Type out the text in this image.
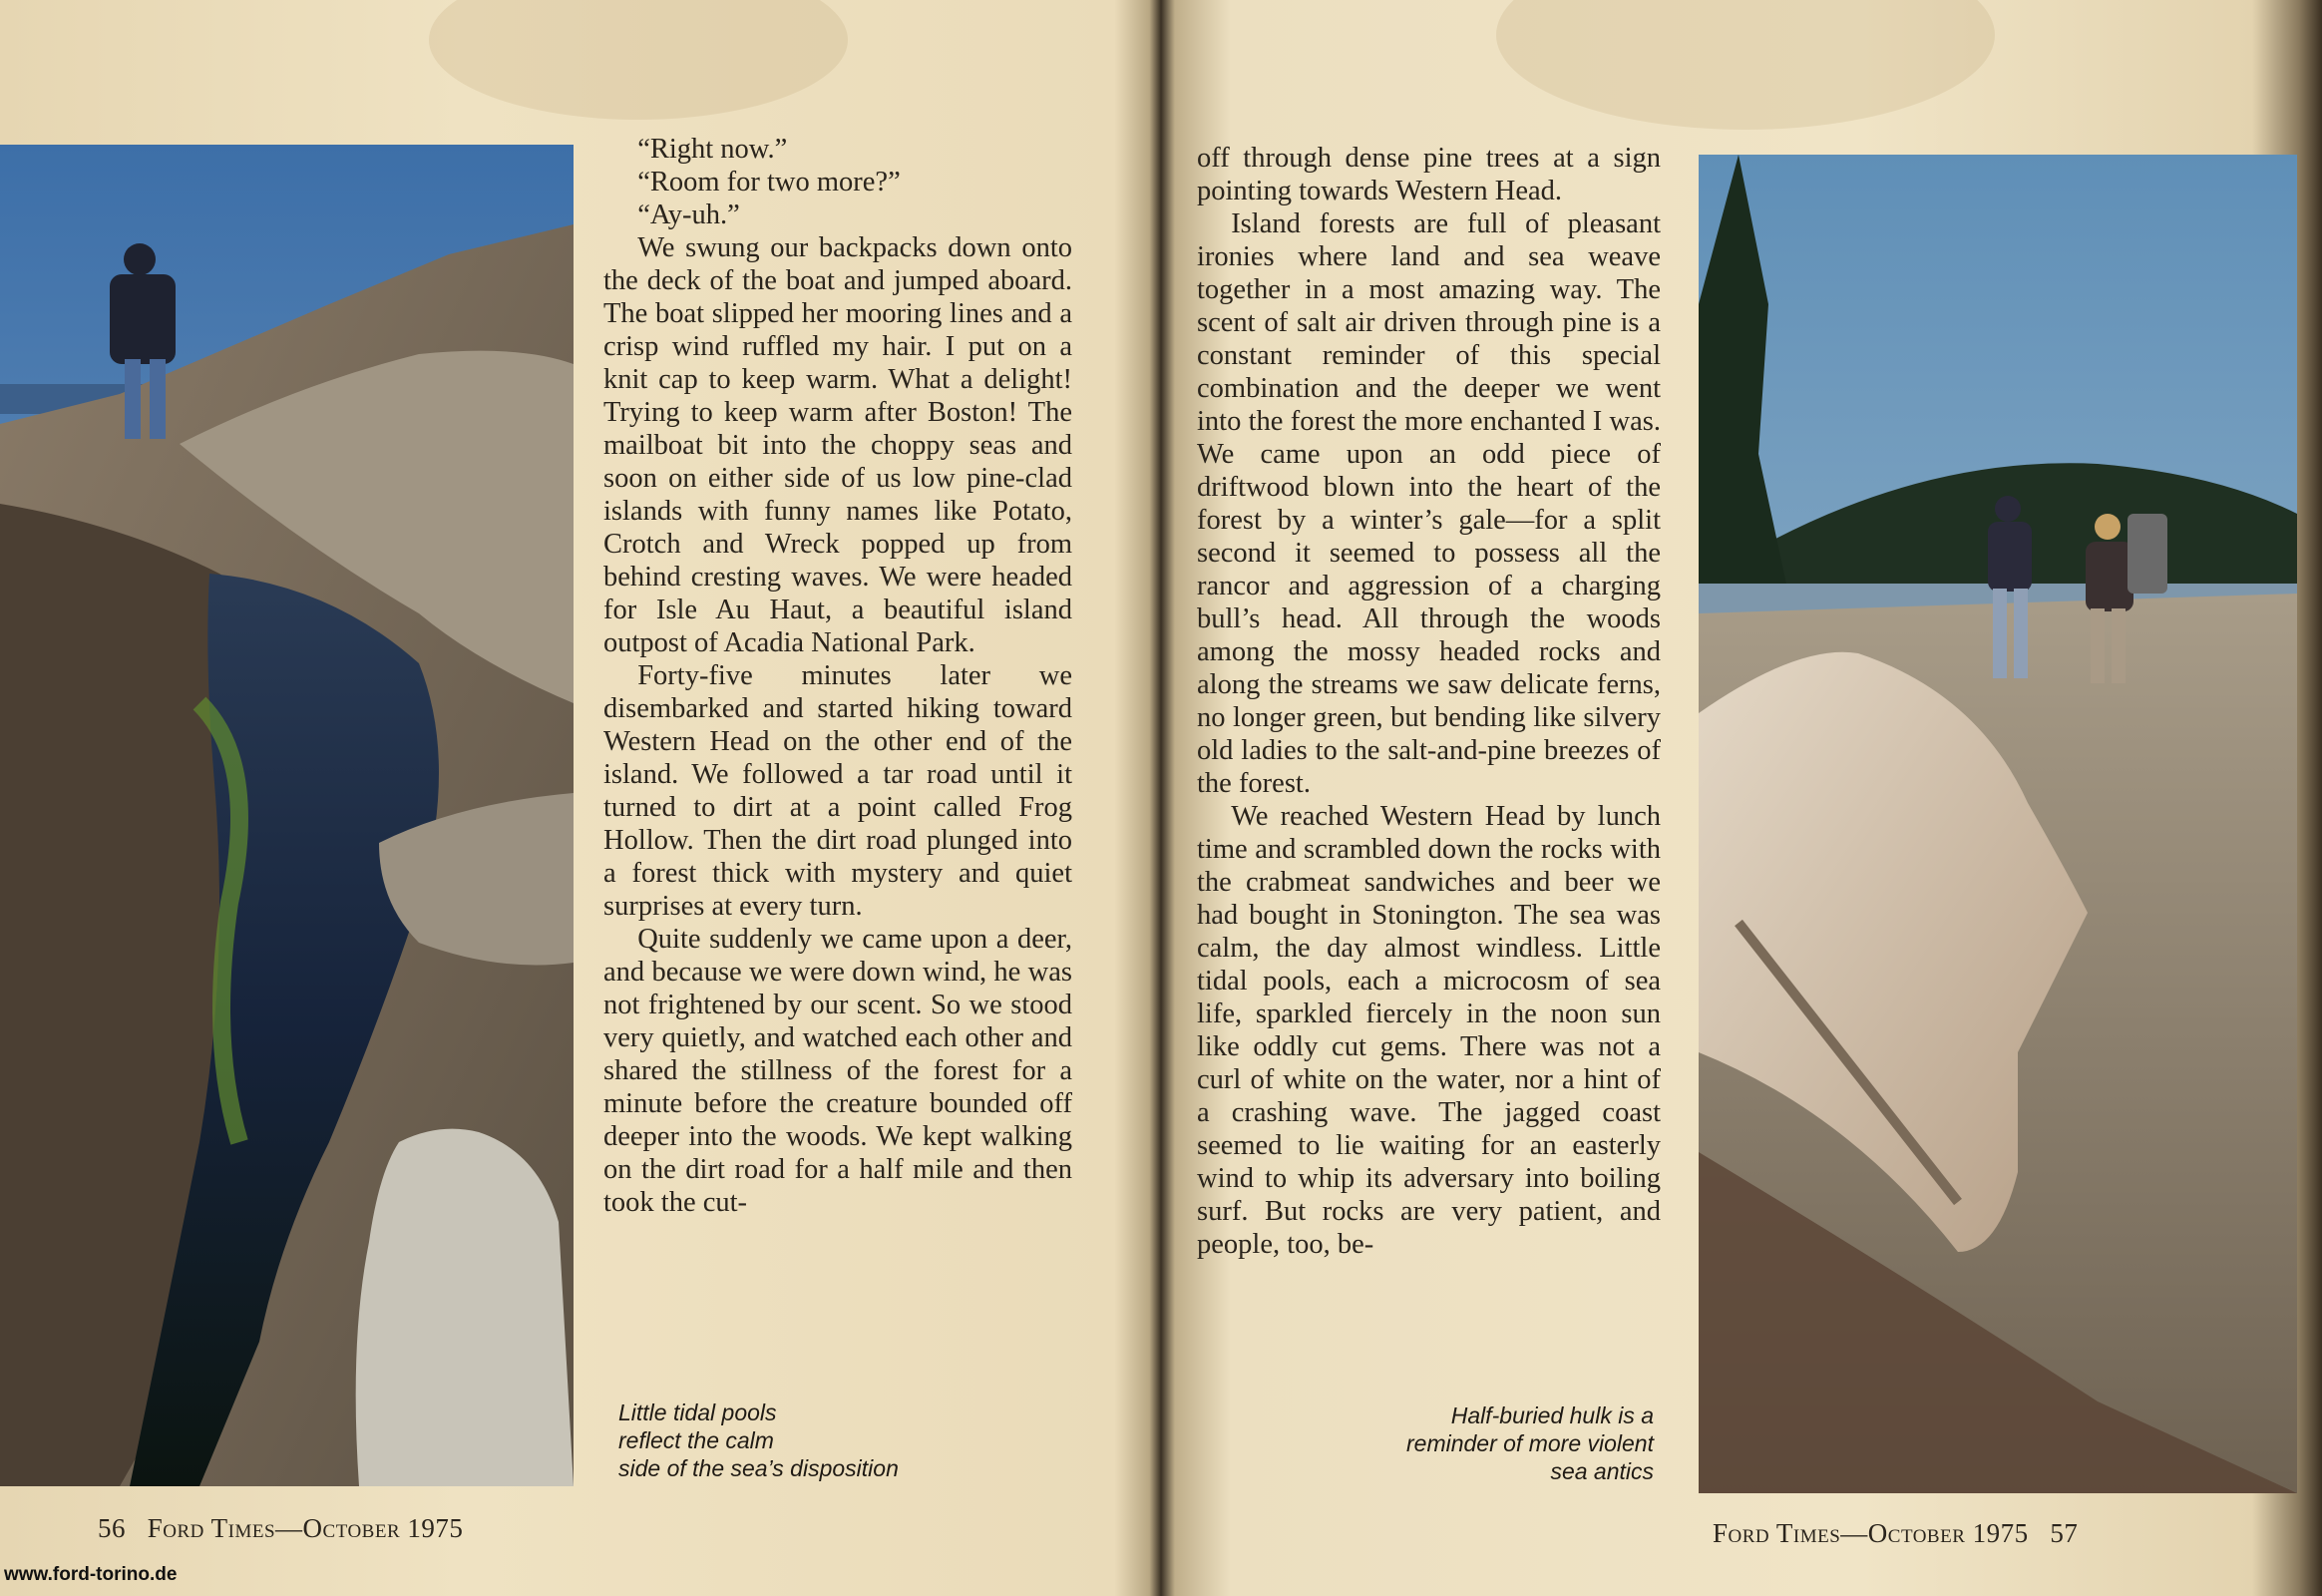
“Right now.”

“Room for two more?”

“Ay-uh.”

We swung our backpacks down onto the deck of the boat and jumped aboard. The boat slipped her mooring lines and a crisp wind ruffled my hair. I put on a knit cap to keep warm. What a delight! Trying to keep warm after Boston! The mailboat bit into the choppy seas and soon on either side of us low pine-clad islands with funny names like Potato, Crotch and Wreck popped up from behind cresting waves. We were headed for Isle Au Haut, a beautiful island outpost of Acadia National Park.

Forty-five minutes later we disembarked and started hiking toward Western Head on the other end of the island. We followed a tar road until it turned to dirt at a point called Frog Hollow. Then the dirt road plunged into a forest thick with mystery and quiet surprises at every turn.

Quite suddenly we came upon a deer, and because we were down wind, he was not frightened by our scent. So we stood very quietly, and watched each other and shared the stillness of the forest for a minute before the creature bounded off deeper into the woods. We kept walking on the dirt road for a half mile and then took the cut-

Little tidal pools
reflect the calm
side of the sea’s disposition
56 Ford Times—October 1975

off through dense pine trees at a sign pointing towards Western Head.

Island forests are full of pleasant ironies where land and sea weave together in a most amazing way. The scent of salt air driven through pine is a constant reminder of this special combination and the deeper we went into the forest the more enchanted I was. We came upon an odd piece of driftwood blown into the heart of the forest by a winter’s gale—for a split second it seemed to possess all the rancor and aggression of a charging bull’s head. All through the woods among the mossy headed rocks and along the streams we saw delicate ferns, no longer green, but bending like silvery old ladies to the salt-and-pine breezes of the forest.

We reached Western Head by lunch time and scrambled down the rocks with the crabmeat sandwiches and beer we had bought in Stonington. The sea was calm, the day almost windless. Little tidal pools, each a microcosm of sea life, sparkled fiercely in the noon sun like oddly cut gems. There was not a curl of white on the water, nor a hint of a crashing wave. The jagged coast seemed to lie waiting for an easterly wind to whip its adversary into boiling surf. But rocks are very patient, and people, too, be-

Half-buried hulk is a
reminder of more violent
sea antics
Ford Times—October 1975 57
www.ford-torino.de
